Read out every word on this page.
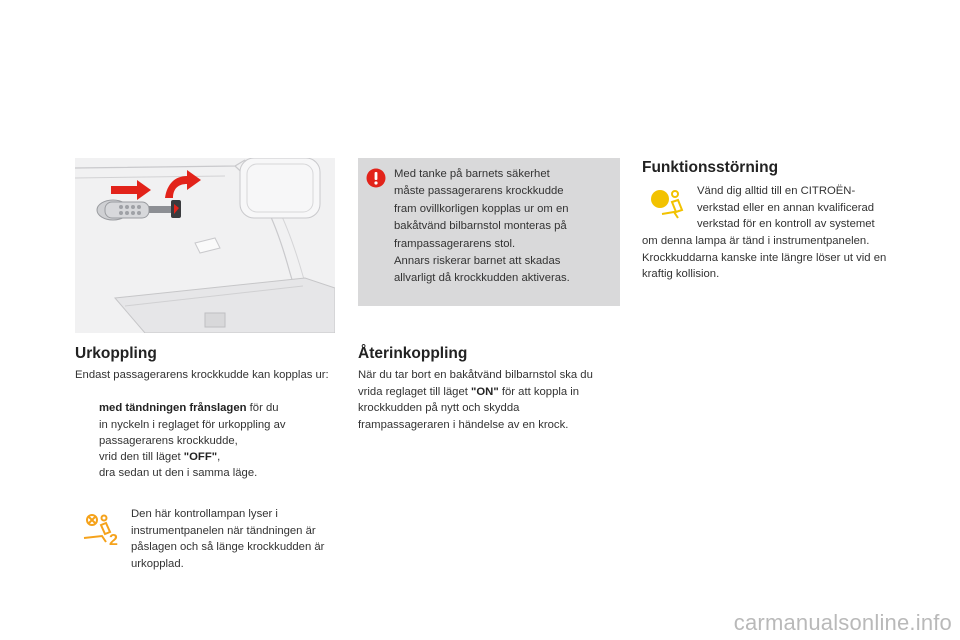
Med tanke på barnets säkerhet
måste passagerarens krockkudde
fram ovillkorligen kopplas ur om en
bakåtvänd bilbarnstol monteras på
frampassagerarens stol.
Annars riskerar barnet att skadas
allvarligt då krockkudden aktiveras.

Funktionsstörning

Vänd dig alltid till en CITROËN-verkstad eller en annan kvalificerad verkstad för en kontroll av systemet

om denna lampa är tänd i instrumentpanelen. Krockkuddarna kanske inte längre löser ut vid en kraftig kollision.

Urkoppling

Endast passagerarens krockkudde kan kopplas ur:

med tändningen frånslagen för du
in nyckeln i reglaget för urkoppling av passagerarens krockkudde,
vrid den till läget "OFF",
dra sedan ut den i samma läge.
2

Den här kontrollampan lyser i instrumentpanelen när tändningen är påslagen och så länge krockkudden är urkopplad.

Återinkoppling

När du tar bort en bakåtvänd bilbarnstol ska du vrida reglaget till läget "ON" för att koppla in krockkudden på nytt och skydda frampassageraren i händelse av en krock.

carmanualsonline.info
